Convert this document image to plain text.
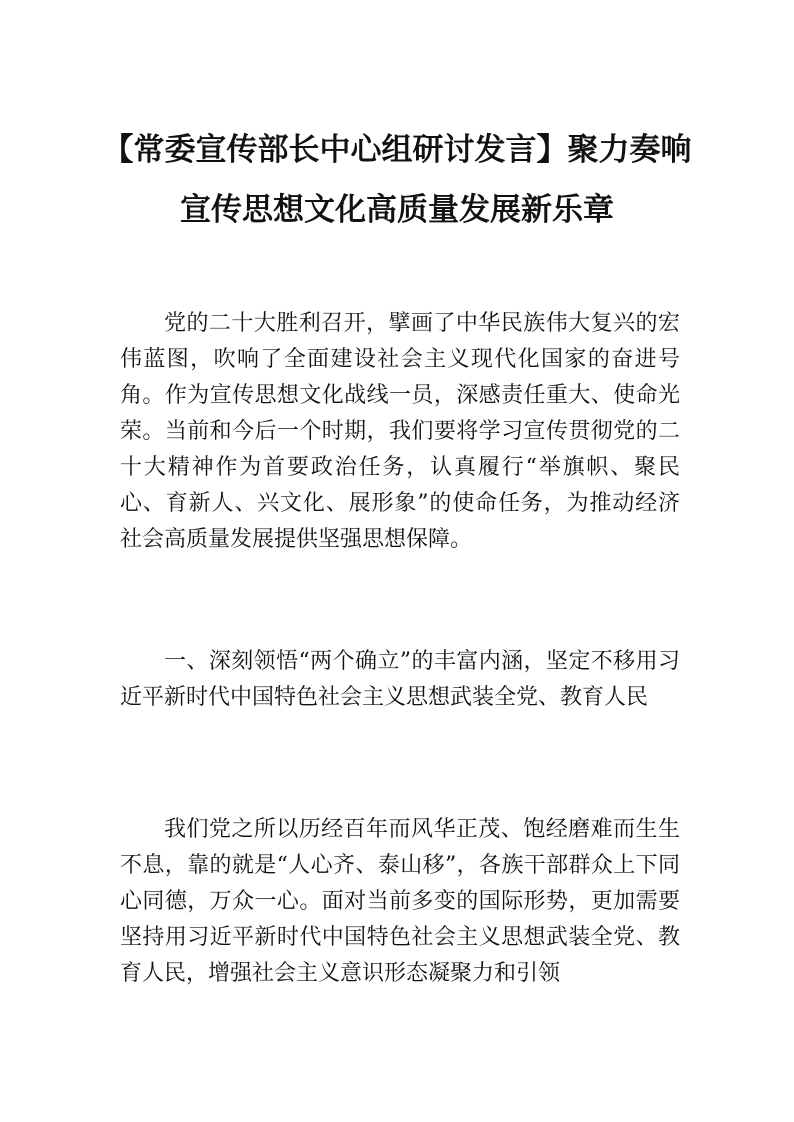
【常委宣传部长中心组研讨发言】聚力奏响
宣传思想文化高质量发展新乐章

党的二十大胜利召开，擘画了中华民族伟大复兴的宏伟蓝图，吹响了全面建设社会主义现代化国家的奋进号角。作为宣传思想文化战线一员，深感责任重大、使命光荣。当前和今后一个时期，我们要将学习宣传贯彻党的二十大精神作为首要政治任务，认真履行“举旗帜、聚民心、育新人、兴文化、展形象”的使命任务，为推动经济社会高质量发展提供坚强思想保障。

一、深刻领悟“两个确立”的丰富内涵，坚定不移用习近平新时代中国特色社会主义思想武装全党、教育人民

我们党之所以历经百年而风华正茂、饱经磨难而生生不息，靠的就是“人心齐、泰山移”，各族干部群众上下同心同德，万众一心。面对当前多变的国际形势，更加需要坚持用习近平新时代中国特色社会主义思想武装全党、教育人民，增强社会主义意识形态凝聚力和引领
